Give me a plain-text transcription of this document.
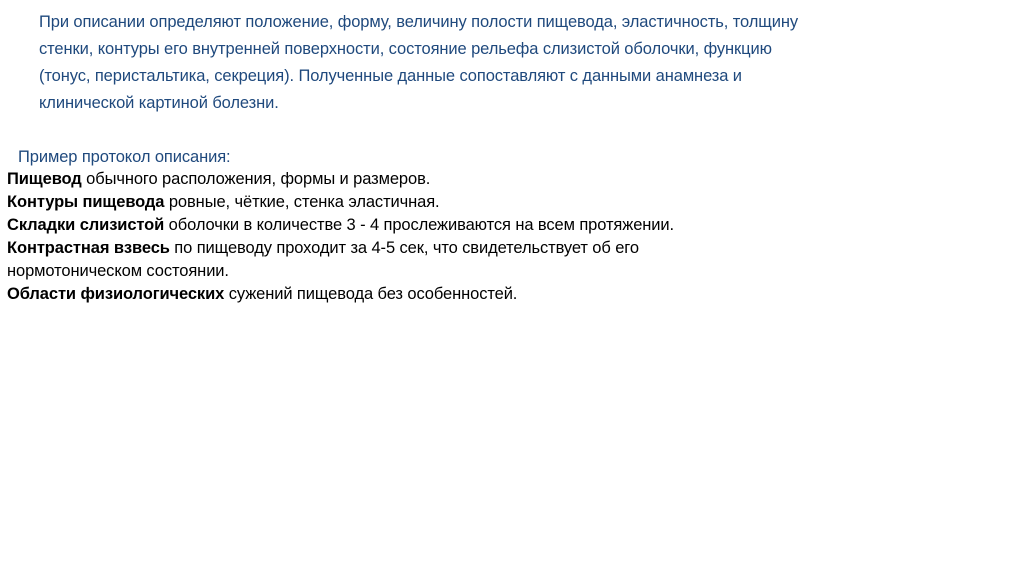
При описании определяют положение, форму, величину полости пищевода, эластичность, толщину стенки, контуры его внутренней поверхности, состояние рельефа слизистой оболочки, функцию (тонус, перистальтика, секреция). Полученные данные сопоставляют с данными анамнеза и клинической картиной болезни.

Пример протокол описания:

Пищевод обычного расположения, формы и размеров.
Контуры пищевода ровные, чёткие, стенка эластичная.
Складки слизистой оболочки в количестве 3 - 4 прослеживаются на всем протяжении.
Контрастная взвесь по пищеводу проходит за 4-5 сек, что свидетельствует об его нормотоническом состоянии.
Области физиологических сужений пищевода без особенностей.
